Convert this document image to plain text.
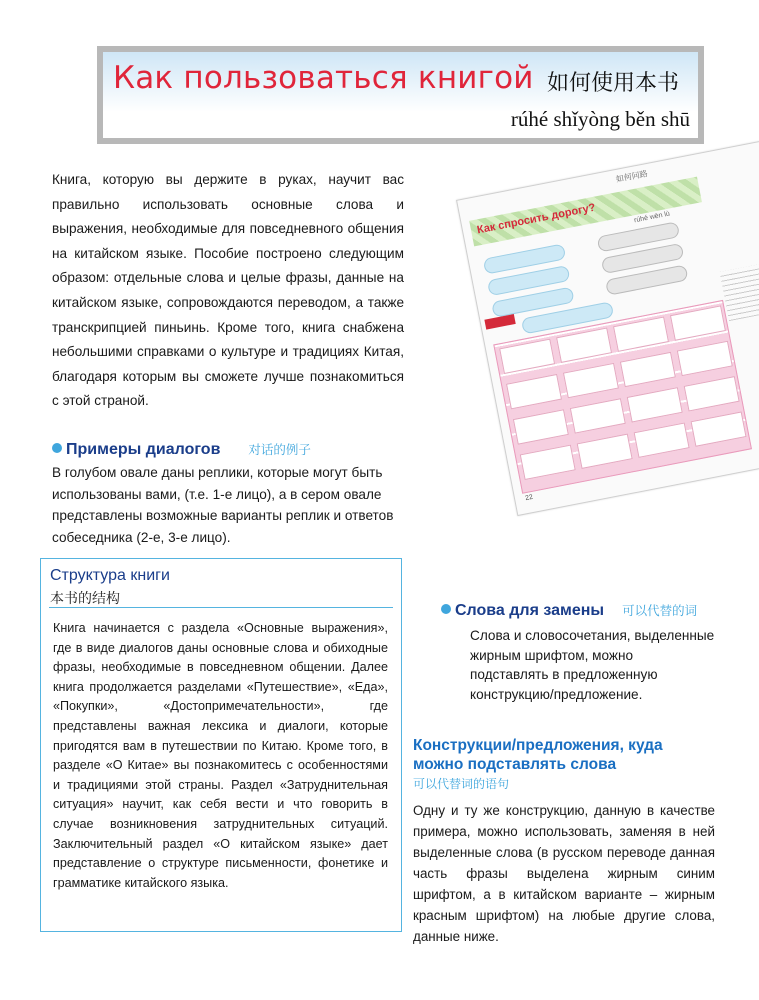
Как пользоваться книгой 如何使用本书
rúhé shǐyòng běn shū
Книга, которую вы держите в руках, научит вас правильно использовать основные слова и выражения, необходимые для повседневного общения на китайском языке. Пособие построено следующим образом: отдельные слова и целые фразы, данные на китайском языке, сопровождаются переводом, а также транскрипцией пиньинь. Кроме того, книга снабжена небольшими справками о культуре и традициях Китая, благодаря которым вы сможете лучше познакомиться с этой страной.
如何问路
Как спросить дорогу?	rúhé wèn lù
22
Примеры диалогов 对话的例子
В голубом овале даны реплики, которые могут быть использованы вами, (т.е. 1-е лицо), а в сером овале представлены возможные варианты реплик и ответов собеседника (2-е, 3-е лицо).
Структура книги
本书的结构
Книга начинается с раздела «Основные выражения», где в виде диалогов даны основные слова и обиходные фразы, необходимые в повседневном общении. Далее книга продолжается разделами «Путешествие», «Еда», «Покупки», «Достопримечательности», где представлены важная лексика и диалоги, которые пригодятся вам в путешествии по Китаю. Кроме того, в разделе «О Китае» вы познакомитесь с особенностями и традициями этой страны. Раздел «Затруднительная ситуация» научит, как себя вести и что говорить в случае возникновения затруднительных ситуаций. Заключительный раздел «О китайском языке» дает представление о структуре письменности, фонетике и грамматике китайского языка.
Слова для замены 可以代替的词
Слова и словосочетания, выделенные жирным шрифтом, можно подставлять в предложенную конструкцию/предложение.
Конструкции/предложения, куда можно подставлять слова
可以代替词的语句
Одну и ту же конструкцию, данную в качестве примера, можно использовать, заменяя в ней выделенные слова (в русском переводе данная часть фразы выделена жирным синим шрифтом, а в китайском варианте – жирным красным шрифтом) на любые другие слова, данные ниже.
